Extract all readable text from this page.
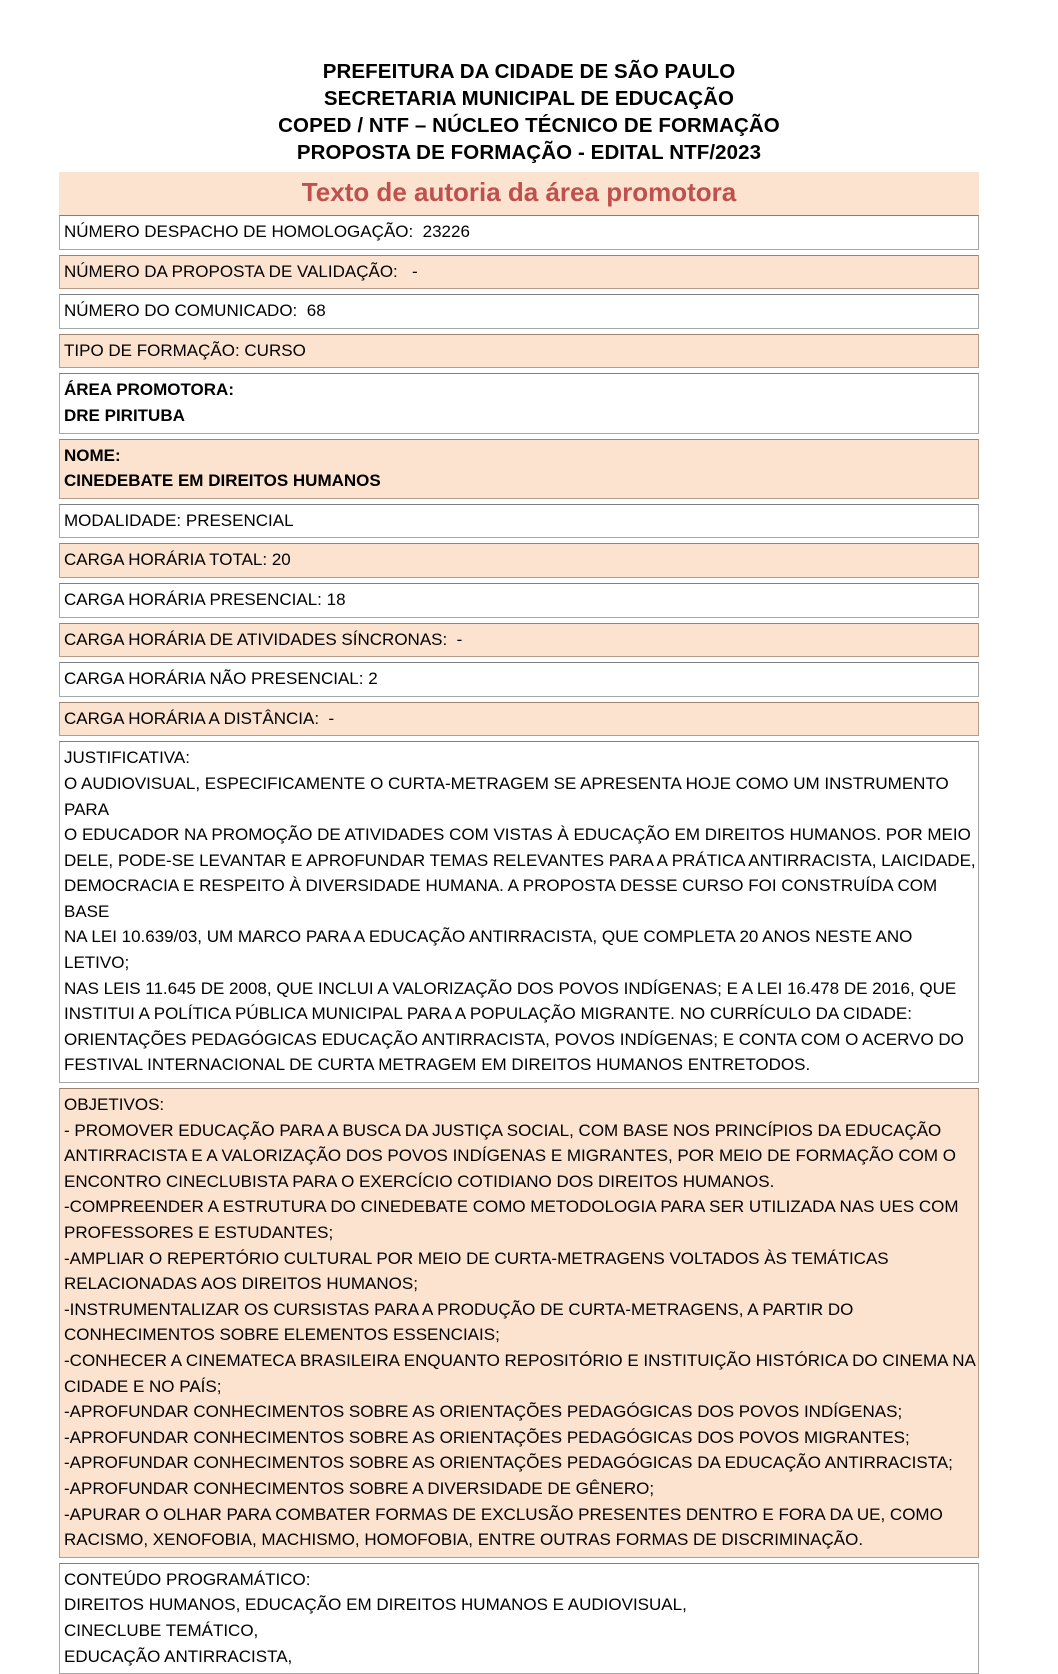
PREFEITURA DA CIDADE DE SÃO PAULO
SECRETARIA MUNICIPAL DE EDUCAÇÃO
COPED / NTF – NÚCLEO TÉCNICO DE FORMAÇÃO
PROPOSTA DE FORMAÇÃO - EDITAL NTF/2023
Texto de autoria da área promotora

NÚMERO DESPACHO DE HOMOLOGAÇÃO: 23226

NÚMERO DA PROPOSTA DE VALIDAÇÃO: -

NÚMERO DO COMUNICADO: 68

TIPO DE FORMAÇÃO: CURSO

ÁREA PROMOTORA:
DRE PIRITUBA

NOME:
CINEDEBATE EM DIREITOS HUMANOS

MODALIDADE: PRESENCIAL

CARGA HORÁRIA TOTAL: 20

CARGA HORÁRIA PRESENCIAL: 18

CARGA HORÁRIA DE ATIVIDADES SÍNCRONAS: -

CARGA HORÁRIA NÃO PRESENCIAL: 2

CARGA HORÁRIA A DISTÂNCIA: -

JUSTIFICATIVA:
O AUDIOVISUAL, ESPECIFICAMENTE O CURTA-METRAGEM SE APRESENTA HOJE COMO UM INSTRUMENTO PARA
O EDUCADOR NA PROMOÇÃO DE ATIVIDADES COM VISTAS À EDUCAÇÃO EM DIREITOS HUMANOS. POR MEIO
DELE, PODE-SE LEVANTAR E APROFUNDAR TEMAS RELEVANTES PARA A PRÁTICA ANTIRRACISTA, LAICIDADE,
DEMOCRACIA E RESPEITO À DIVERSIDADE HUMANA. A PROPOSTA DESSE CURSO FOI CONSTRUÍDA COM BASE
NA LEI 10.639/03, UM MARCO PARA A EDUCAÇÃO ANTIRRACISTA, QUE COMPLETA 20 ANOS NESTE ANO LETIVO;
NAS LEIS 11.645 DE 2008, QUE INCLUI A VALORIZAÇÃO DOS POVOS INDÍGENAS; E A LEI 16.478 DE 2016, QUE
INSTITUI A POLÍTICA PÚBLICA MUNICIPAL PARA A POPULAÇÃO MIGRANTE. NO CURRÍCULO DA CIDADE:
ORIENTAÇÕES PEDAGÓGICAS EDUCAÇÃO ANTIRRACISTA, POVOS INDÍGENAS; E CONTA COM O ACERVO DO
FESTIVAL INTERNACIONAL DE CURTA METRAGEM EM DIREITOS HUMANOS ENTRETODOS.

OBJETIVOS:
- PROMOVER EDUCAÇÃO PARA A BUSCA DA JUSTIÇA SOCIAL, COM BASE NOS PRINCÍPIOS DA EDUCAÇÃO
ANTIRRACISTA E A VALORIZAÇÃO DOS POVOS INDÍGENAS E MIGRANTES, POR MEIO DE FORMAÇÃO COM O
ENCONTRO CINECLUBISTA PARA O EXERCÍCIO COTIDIANO DOS DIREITOS HUMANOS.
-COMPREENDER A ESTRUTURA DO CINEDEBATE COMO METODOLOGIA PARA SER UTILIZADA NAS UES COM
PROFESSORES E ESTUDANTES;
-AMPLIAR O REPERTÓRIO CULTURAL POR MEIO DE CURTA-METRAGENS VOLTADOS ÀS TEMÁTICAS
RELACIONADAS AOS DIREITOS HUMANOS;
-INSTRUMENTALIZAR OS CURSISTAS PARA A PRODUÇÃO DE CURTA-METRAGENS, A PARTIR DO
CONHECIMENTOS SOBRE ELEMENTOS ESSENCIAIS;
-CONHECER A CINEMATECA BRASILEIRA ENQUANTO REPOSITÓRIO E INSTITUIÇÃO HISTÓRICA DO CINEMA NA
CIDADE E NO PAÍS;
-APROFUNDAR CONHECIMENTOS SOBRE AS ORIENTAÇÕES PEDAGÓGICAS DOS POVOS INDÍGENAS;
-APROFUNDAR CONHECIMENTOS SOBRE AS ORIENTAÇÕES PEDAGÓGICAS DOS POVOS MIGRANTES;
-APROFUNDAR CONHECIMENTOS SOBRE AS ORIENTAÇÕES PEDAGÓGICAS DA EDUCAÇÃO ANTIRRACISTA;
-APROFUNDAR CONHECIMENTOS SOBRE A DIVERSIDADE DE GÊNERO;
-APURAR O OLHAR PARA COMBATER FORMAS DE EXCLUSÃO PRESENTES DENTRO E FORA DA UE, COMO
RACISMO, XENOFOBIA, MACHISMO, HOMOFOBIA, ENTRE OUTRAS FORMAS DE DISCRIMINAÇÃO.

CONTEÚDO PROGRAMÁTICO:
DIREITOS HUMANOS, EDUCAÇÃO EM DIREITOS HUMANOS E AUDIOVISUAL,
CINECLUBE TEMÁTICO,
EDUCAÇÃO ANTIRRACISTA,
